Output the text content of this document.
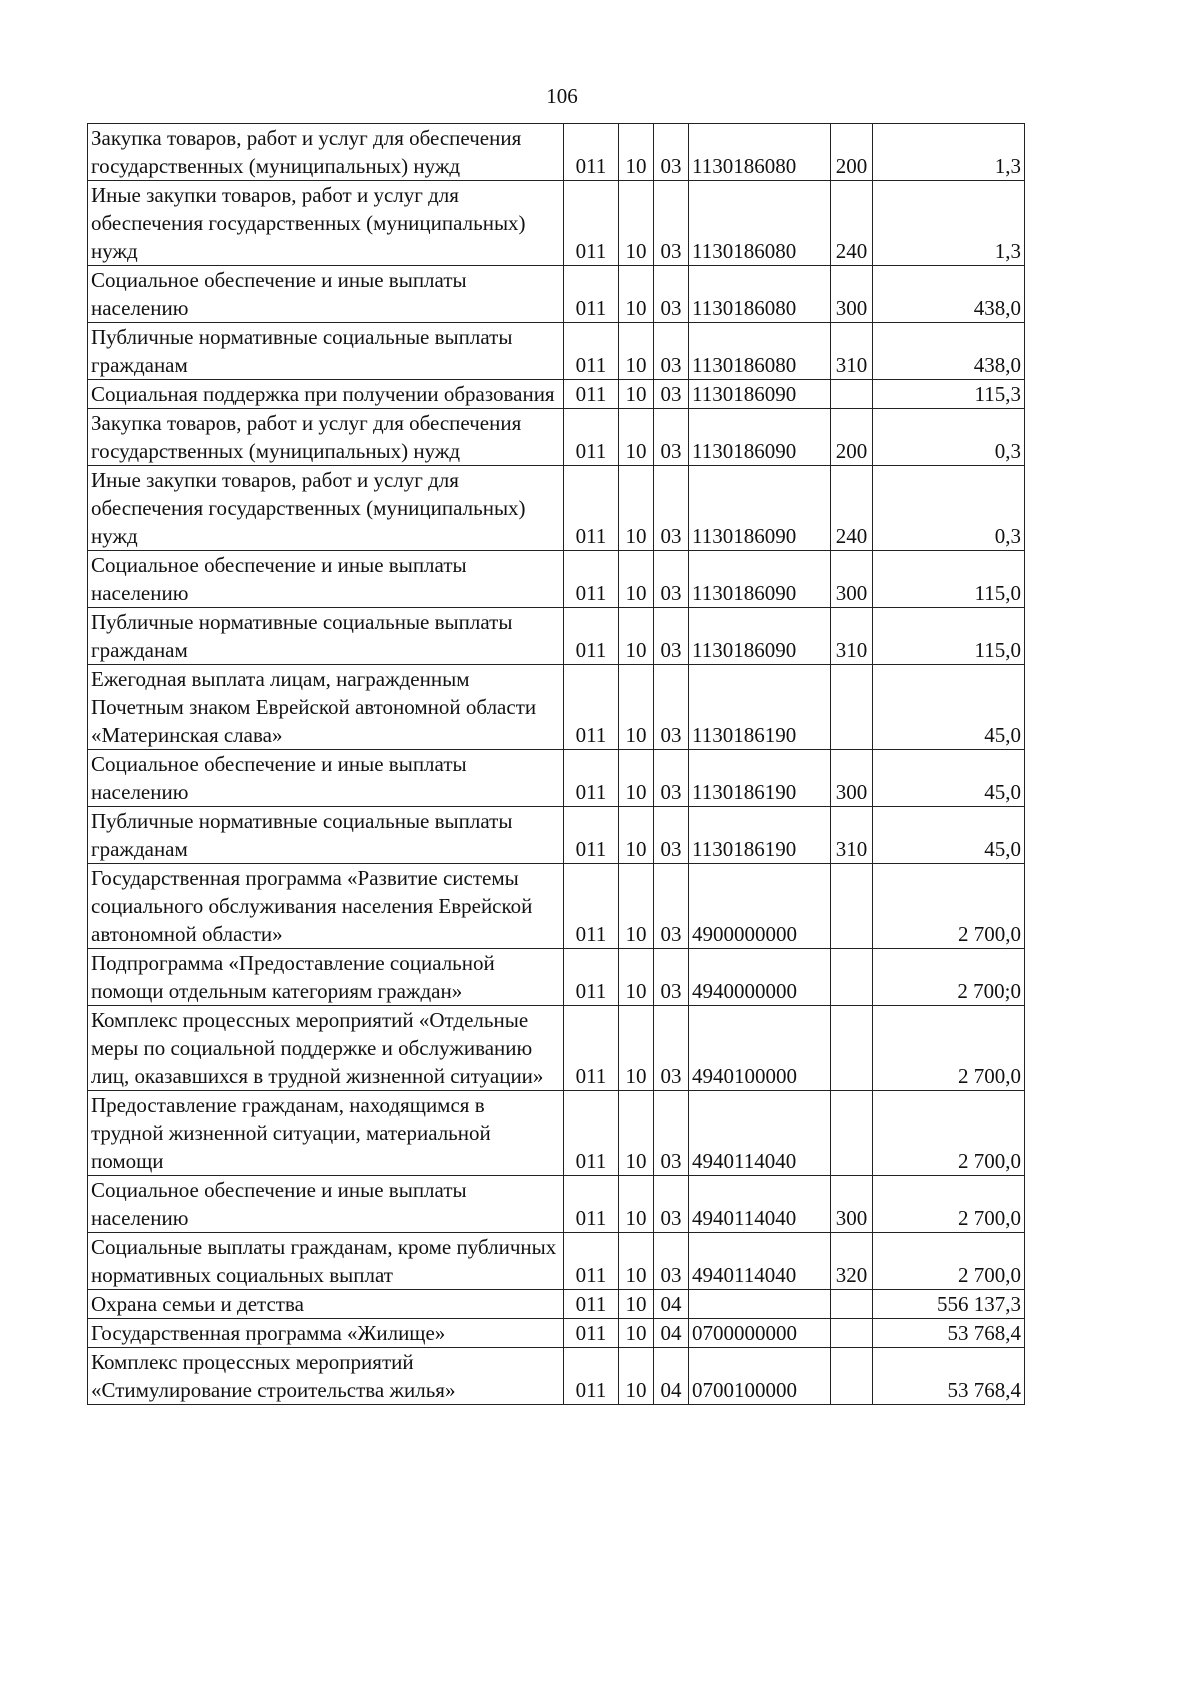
106
Закупка товаров, работ и услуг для обеспечения государственных (муниципальных) нужд	011	10	03	1130186080	200	1,3
Иные закупки товаров, работ и услуг для обеспечения государственных (муниципальных) нужд	011	10	03	1130186080	240	1,3
Социальное обеспечение и иные выплаты населению	011	10	03	1130186080	300	438,0
Публичные нормативные социальные выплаты гражданам	011	10	03	1130186080	310	438,0
Социальная поддержка при получении образования	011	10	03	1130186090		115,3
Закупка товаров, работ и услуг для обеспечения государственных (муниципальных) нужд	011	10	03	1130186090	200	0,3
Иные закупки товаров, работ и услуг для обеспечения государственных (муниципальных) нужд	011	10	03	1130186090	240	0,3
Социальное обеспечение и иные выплаты населению	011	10	03	1130186090	300	115,0
Публичные нормативные социальные выплаты гражданам	011	10	03	1130186090	310	115,0
Ежегодная выплата лицам, награжденным Почетным знаком Еврейской автономной области «Материнская слава»	011	10	03	1130186190		45,0
Социальное обеспечение и иные выплаты населению	011	10	03	1130186190	300	45,0
Публичные нормативные социальные выплаты гражданам	011	10	03	1130186190	310	45,0
Государственная программа «Развитие системы социального обслуживания населения Еврейской автономной области»	011	10	03	4900000000		2 700,0
Подпрограмма «Предоставление социальной помощи отдельным категориям граждан»	011	10	03	4940000000		2 700;0
Комплекс процессных мероприятий «Отдельные меры по социальной поддержке и обслуживанию лиц, оказавшихся в трудной жизненной ситуации»	011	10	03	4940100000		2 700,0
Предоставление гражданам, находящимся в трудной жизненной ситуации, материальной помощи	011	10	03	4940114040		2 700,0
Социальное обеспечение и иные выплаты населению	011	10	03	4940114040	300	2 700,0
Социальные выплаты гражданам, кроме публичных нормативных социальных выплат	011	10	03	4940114040	320	2 700,0
Охрана семьи и детства	011	10	04			556 137,3
Государственная программа «Жилище»	011	10	04	0700000000		53 768,4
Комплекс процессных мероприятий «Стимулирование строительства жилья»	011	10	04	0700100000		53 768,4
